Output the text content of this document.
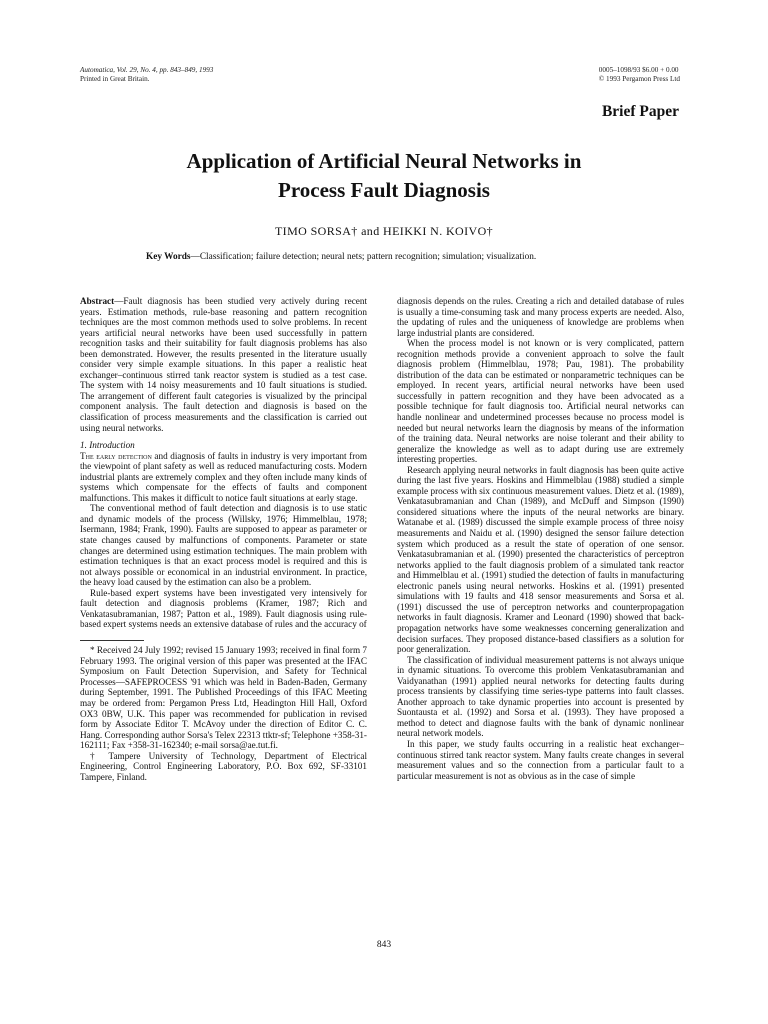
Automatica, Vol. 29, No. 4, pp. 843–849, 1993
Printed in Great Britain.
0005–1098/93 $6.00 + 0.00
© 1993 Pergamon Press Ltd
Brief Paper
Application of Artificial Neural Networks in
Process Fault Diagnosis
TIMO SORSA† and HEIKKI N. KOIVO†
Key Words—Classification; failure detection; neural nets; pattern recognition; simulation; visualization.

Abstract—Fault diagnosis has been studied very actively during recent years. Estimation methods, rule-base reasoning and pattern recognition techniques are the most common methods used to solve problems. In recent years artificial neural networks have been used successfully in pattern recognition tasks and their suitability for fault diagnosis problems has also been demonstrated. However, the results presented in the literature usually consider very simple example situations. In this paper a realistic heat exchanger–continuous stirred tank reactor system is studied as a test case. The system with 14 noisy measurements and 10 fault situations is studied. The arrangement of different fault categories is visualized by the principal component analysis. The fault detection and diagnosis is based on the classification of process measurements and the classification is carried out using neural networks.

1. Introduction

The early detection and diagnosis of faults in industry is very important from the viewpoint of plant safety as well as reduced manufacturing costs. Modern industrial plants are extremely complex and they often include many kinds of systems which compensate for the effects of faults and component malfunctions. This makes it difficult to notice fault situations at early stage.

The conventional method of fault detection and diagnosis is to use static and dynamic models of the process (Willsky, 1976; Himmelblau, 1978; Isermann, 1984; Frank, 1990). Faults are supposed to appear as parameter or state changes caused by malfunctions of components. Parameter or state changes are determined using estimation techniques. The main problem with estimation techniques is that an exact process model is required and this is not always possible or economical in an industrial environment. In practice, the heavy load caused by the estimation can also be a problem.

Rule-based expert systems have been investigated very intensively for fault detection and diagnosis problems (Kramer, 1987; Rich and Venkatasubramanian, 1987; Patton et al., 1989). Fault diagnosis using rule-based expert systems needs an extensive database of rules and the accuracy of

* Received 24 July 1992; revised 15 January 1993; received in final form 7 February 1993. The original version of this paper was presented at the IFAC Symposium on Fault Detection Supervision, and Safety for Technical Processes—SAFEPROCESS '91 which was held in Baden-Baden, Germany during September, 1991. The Published Proceedings of this IFAC Meeting may be ordered from: Pergamon Press Ltd, Headington Hill Hall, Oxford OX3 0BW, U.K. This paper was recommended for publication in revised form by Associate Editor T. McAvoy under the direction of Editor C. C. Hang. Corresponding author Sorsa's Telex 22313 ttktr-sf; Telephone +358-31-162111; Fax +358-31-162340; e-mail sorsa@ae.tut.fi.

† Tampere University of Technology, Department of Electrical Engineering, Control Engineering Laboratory, P.O. Box 692, SF-33101 Tampere, Finland.

diagnosis depends on the rules. Creating a rich and detailed database of rules is usually a time-consuming task and many process experts are needed. Also, the updating of rules and the uniqueness of knowledge are problems when large industrial plants are considered.

When the process model is not known or is very complicated, pattern recognition methods provide a convenient approach to solve the fault diagnosis problem (Himmelblau, 1978; Pau, 1981). The probability distribution of the data can be estimated or nonparametric techniques can be employed. In recent years, artificial neural networks have been used successfully in pattern recognition and they have been advocated as a possible technique for fault diagnosis too. Artificial neural networks can handle nonlinear and undetermined processes because no process model is needed but neural networks learn the diagnosis by means of the information of the training data. Neural networks are noise tolerant and their ability to generalize the knowledge as well as to adapt during use are extremely interesting properties.

Research applying neural networks in fault diagnosis has been quite active during the last five years. Hoskins and Himmelblau (1988) studied a simple example process with six continuous measurement values. Dietz et al. (1989), Venkatasubramanian and Chan (1989), and McDuff and Simpson (1990) considered situations where the inputs of the neural networks are binary. Watanabe et al. (1989) discussed the simple example process of three noisy measurements and Naidu et al. (1990) designed the sensor failure detection system which produced as a result the state of operation of one sensor. Venkatasubramanian et al. (1990) presented the characteristics of perceptron networks applied to the fault diagnosis problem of a simulated tank reactor and Himmelblau et al. (1991) studied the detection of faults in manufacturing electronic panels using neural networks. Hoskins et al. (1991) presented simulations with 19 faults and 418 sensor measurements and Sorsa et al. (1991) discussed the use of perceptron networks and counterpropagation networks in fault diagnosis. Kramer and Leonard (1990) showed that back-propagation networks have some weaknesses concerning generalization and decision surfaces. They proposed distance-based classifiers as a solution for poor generalization.

The classification of individual measurement patterns is not always unique in dynamic situations. To overcome this problem Venkatasubramanian and Vaidyanathan (1991) applied neural networks for detecting faults during process transients by classifying time series-type patterns into fault classes. Another approach to take dynamic properties into account is presented by Suontausta et al. (1992) and Sorsa et al. (1993). They have proposed a method to detect and diagnose faults with the bank of dynamic nonlinear neural network models.

In this paper, we study faults occurring in a realistic heat exchanger–continuous stirred tank reactor system. Many faults create changes in several measurement values and so the connection from a particular fault to a particular measurement is not as obvious as in the case of simple

843
